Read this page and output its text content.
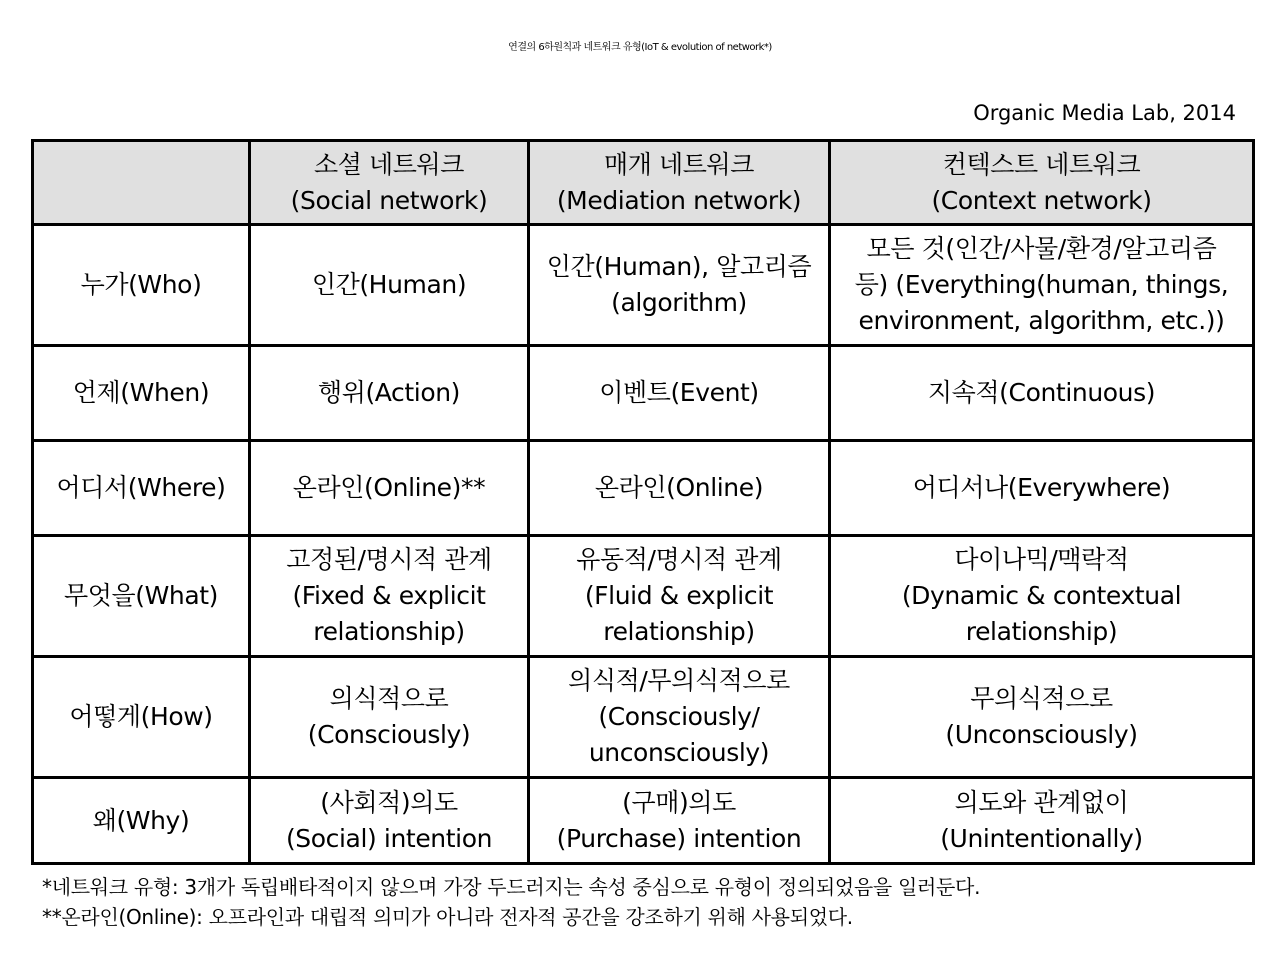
연결의 6하원칙과 네트워크 유형(IoT & evolution of network*)
Organic Media Lab, 2014

	소셜 네트워크
(Social network)	매개 네트워크
(Mediation network)	컨텍스트 네트워크
(Context network)

누가(Who)	인간(Human)	인간(Human), 알고리즘
(algorithm)	모든 것(인간/사물/환경/알고리즘
등) (Everything(human, things,
environment, algorithm, etc.))

언제(When)	행위(Action)	이벤트(Event)	지속적(Continuous)

어디서(Where)	온라인(Online)**	온라인(Online)	어디서나(Everywhere)

무엇을(What)	고정된/명시적 관계
(Fixed & explicit
relationship)	유동적/명시적 관계
(Fluid & explicit
relationship)	다이나믹/맥락적
(Dynamic & contextual
relationship)

어떻게(How)	의식적으로
(Consciously)	의식적/무의식적으로
(Consciously/
unconsciously)	무의식적으로
(Unconsciously)

왜(Why)	(사회적)의도
(Social) intention	(구매)의도
(Purchase) intention	의도와 관계없이
(Unintentionally)
*네트워크 유형: 3개가 독립배타적이지 않으며 가장 두드러지는 속성 중심으로 유형이 정의되었음을 일러둔다.
**온라인(Online): 오프라인과 대립적 의미가 아니라 전자적 공간을 강조하기 위해 사용되었다.
